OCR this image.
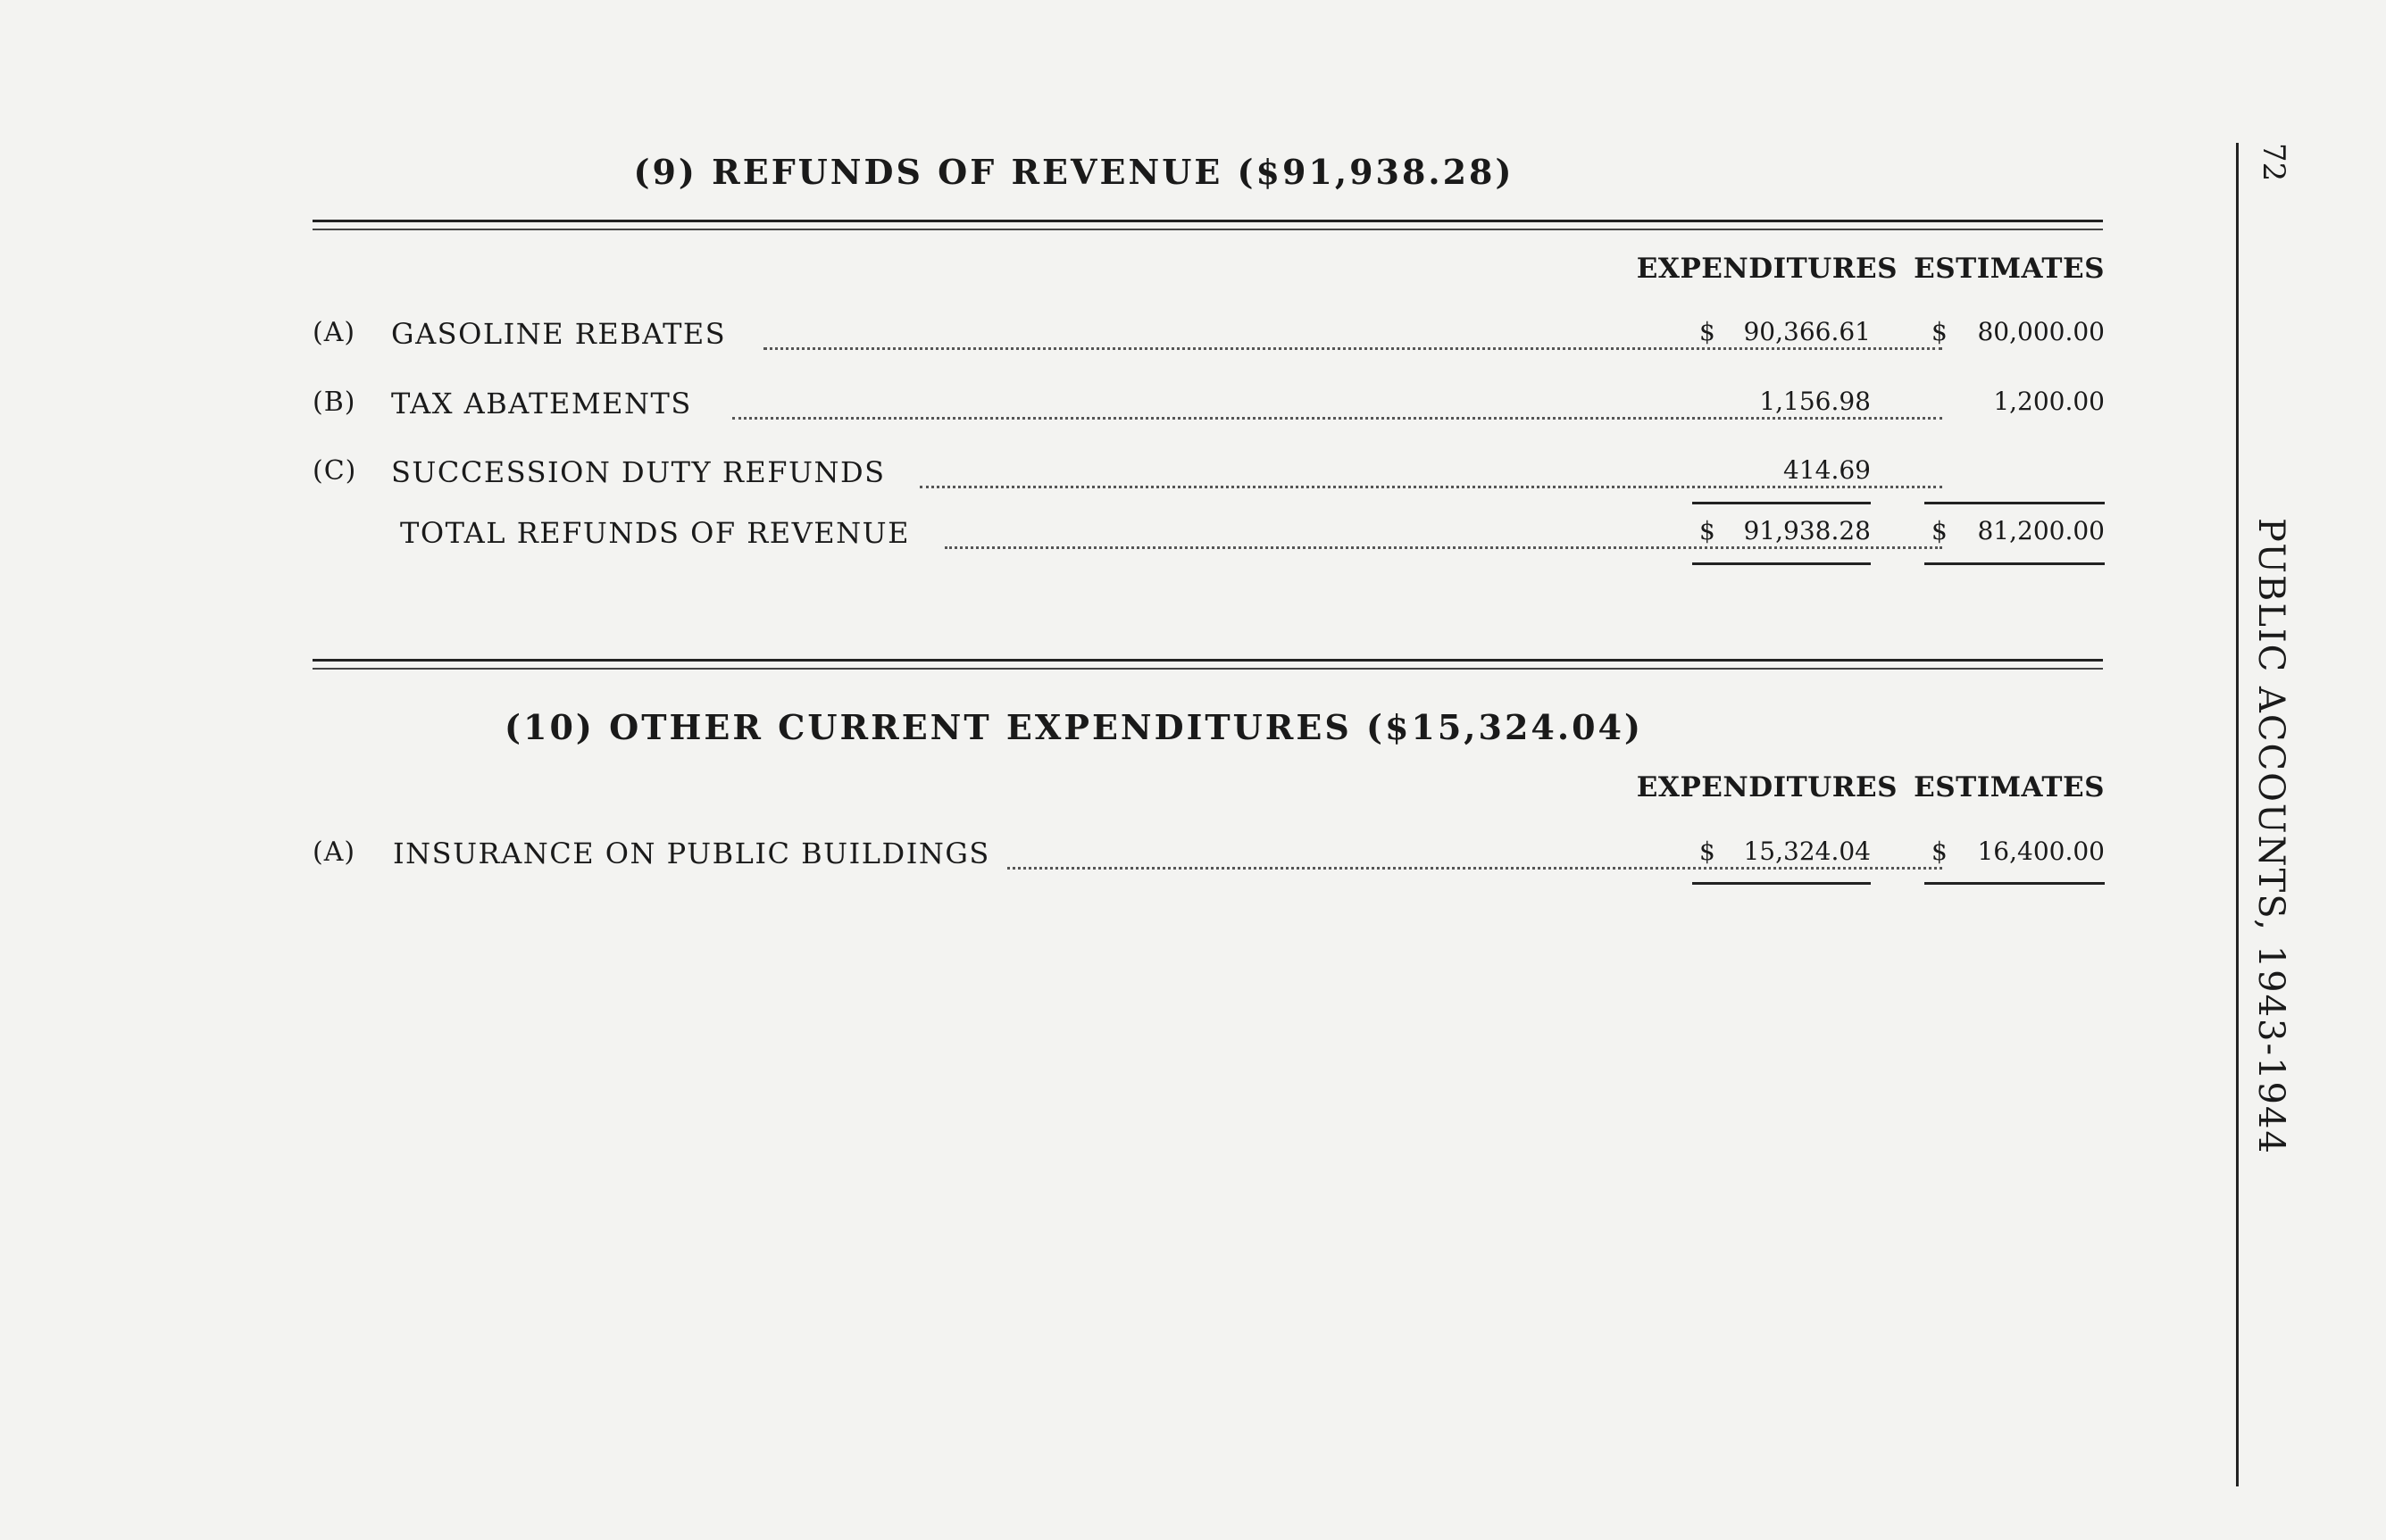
(9) REFUNDS OF REVENUE ($91,938.28)
EXPENDITURES ESTIMATES
(A) GASOLINE REBATES	$	90,366.61 $	80,000.00
(B) TAX ABATEMENTS	1,156.98	1,200.00
(C) SUCCESSION DUTY REFUNDS	414.69
TOTAL REFUNDS OF REVENUE	$	91,938.28 $	81,200.00
(10) OTHER CURRENT EXPENDITURES ($15,324.04)
EXPENDITURES ESTIMATES
(A) INSURANCE ON PUBLIC BUILDINGS	$	15,324.04 $	16,400.00
72
PUBLIC ACCOUNTS, 1943-1944
